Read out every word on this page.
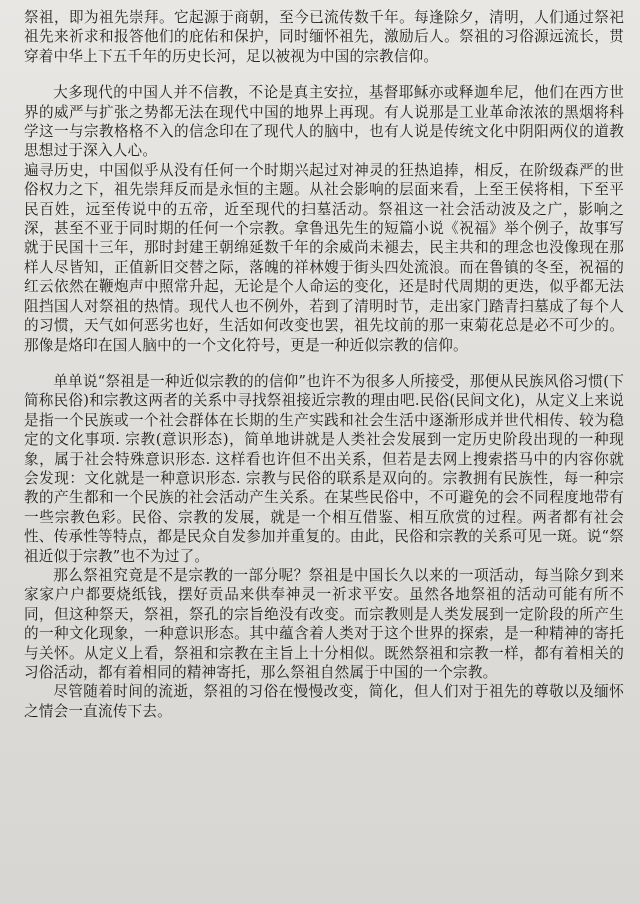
祭祖，即为祖先崇拜。它起源于商朝，至今已流传数千年。每逢除夕，清明，人们通过祭祀祖先来祈求和报答他们的庇佑和保护，同时缅怀祖先，激励后人。祭祖的习俗源远流长，贯穿着中华上下五千年的历史长河，足以被视为中国的宗教信仰。

大多现代的中国人并不信教，不论是真主安拉，基督耶稣亦或释迦牟尼，他们在西方世界的威严与扩张之势都无法在现代中国的地界上再现。有人说那是工业革命浓浓的黑烟将科学这一与宗教格格不入的信念印在了现代人的脑中，也有人说是传统文化中阴阳两仪的道教思想过于深入人心。

遍寻历史，中国似乎从没有任何一个时期兴起过对神灵的狂热追捧，相反，在阶级森严的世俗权力之下，祖先崇拜反而是永恒的主题。从社会影响的层面来看，上至王侯将相，下至平民百姓，远至传说中的五帝，近至现代的扫墓活动。祭祖这一社会活动波及之广，影响之深，甚至不亚于同时期的任何一个宗教。拿鲁迅先生的短篇小说《祝福》举个例子，故事写就于民国十三年，那时封建王朝绵延数千年的余威尚未褪去，民主共和的理念也没像现在那样人尽皆知，正值新旧交替之际，落魄的祥林嫂于街头四处流浪。而在鲁镇的冬至，祝福的红云依然在鞭炮声中照常升起，无论是个人命运的变化，还是时代周期的更迭，似乎都无法阻挡国人对祭祖的热情。现代人也不例外，若到了清明时节，走出家门踏青扫墓成了每个人的习惯，天气如何恶劣也好，生活如何改变也罢，祖先坟前的那一束菊花总是必不可少的。那像是烙印在国人脑中的一个文化符号，更是一种近似宗教的信仰。

单单说“祭祖是一种近似宗教的的信仰”也许不为很多人所接受，那便从民族风俗习惯(下简称民俗)和宗教这两者的关系中寻找祭祖接近宗教的理由吧.民俗(民间文化)，从定义上来说是指一个民族或一个社会群体在长期的生产实践和社会生活中逐渐形成并世代相传、较为稳定的文化事项. 宗教(意识形态)，简单地讲就是人类社会发展到一定历史阶段出现的一种现象，属于社会特殊意识形态. 这样看也许但不出关系，但若是去网上搜索搭马中的内容你就会发现：文化就是一种意识形态. 宗教与民俗的联系是双向的。宗教拥有民族性，每一种宗教的产生都和一个民族的社会活动产生关系。在某些民俗中，不可避免的会不同程度地带有一些宗教色彩。民俗、宗教的发展，就是一个相互借鉴、相互欣赏的过程。两者都有社会性、传承性等特点，都是民众自发参加并重复的。由此，民俗和宗教的关系可见一斑。说“祭祖近似于宗教”也不为过了。

那么祭祖究竟是不是宗教的一部分呢？祭祖是中国长久以来的一项活动，每当除夕到来家家户户都要烧纸钱，摆好贡品来供奉神灵一祈求平安。虽然各地祭祖的活动可能有所不同，但这种祭天，祭祖，祭孔的宗旨绝没有改变。而宗教则是人类发展到一定阶段的所产生的一种文化现象，一种意识形态。其中蕴含着人类对于这个世界的探索，是一种精神的寄托与关怀。从定义上看，祭祖和宗教在主旨上十分相似。既然祭祖和宗教一样，都有着相关的习俗活动，都有着相同的精神寄托，那么祭祖自然属于中国的一个宗教。

尽管随着时间的流逝，祭祖的习俗在慢慢改变，简化，但人们对于祖先的尊敬以及缅怀之情会一直流传下去。
